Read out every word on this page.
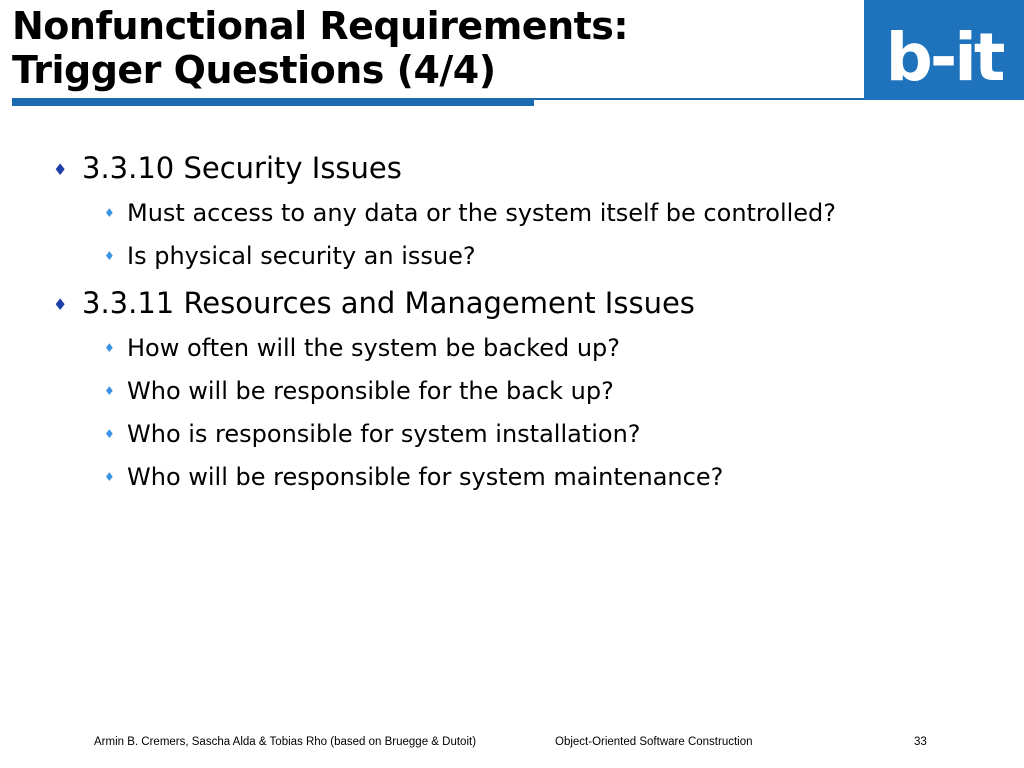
Nonfunctional Requirements:
Trigger Questions (4/4)	b-it
♦ 3.3.10 Security Issues
♦ Must access to any data or the system itself be controlled?
♦ Is physical security an issue?
♦ 3.3.11 Resources and Management Issues
♦ How often will the system be backed up?
♦ Who will be responsible for the back up?
♦ Who is responsible for system installation?
♦ Who will be responsible for system maintenance?
Armin B. Cremers, Sascha Alda & Tobias Rho (based on Bruegge & Dutoit)	Object-Oriented Software Construction	33
